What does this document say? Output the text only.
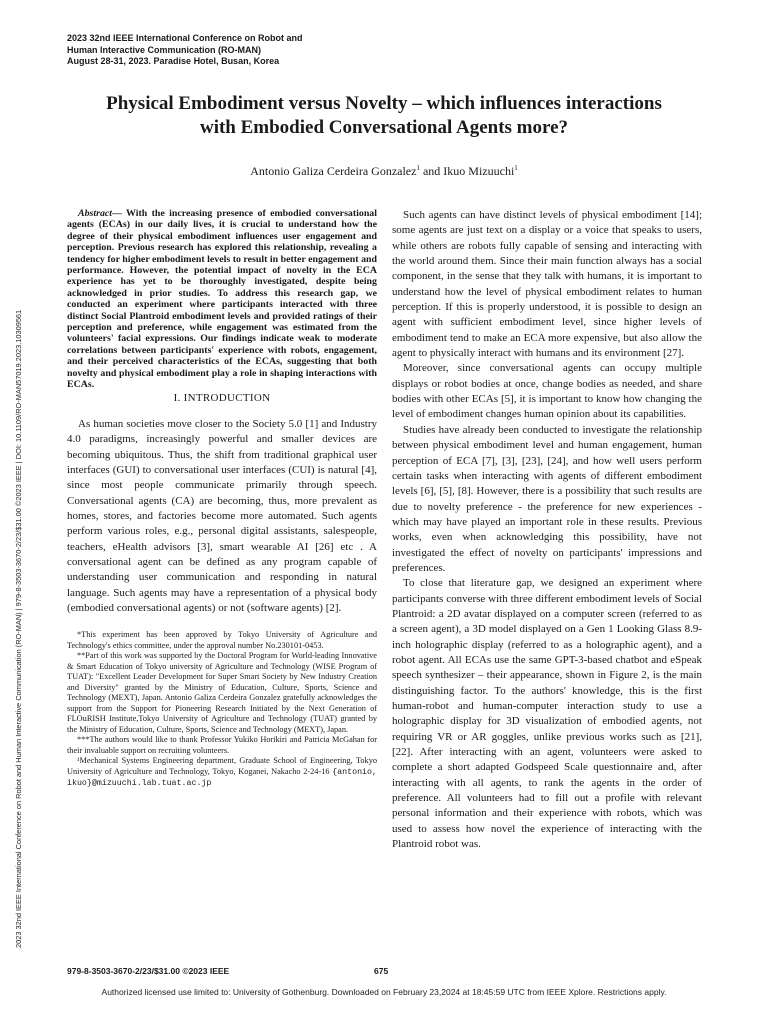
2023 32nd IEEE International Conference on Robot and
Human Interactive Communication (RO-MAN)
August 28-31, 2023. Paradise Hotel, Busan, Korea
2023 32nd IEEE International Conference on Robot and Human Interactive Communication (RO-MAN) | 979-8-3503-3670-2/23/$31.00 ©2023 IEEE | DOI: 10.1109/RO-MAN57019.2023.10309561
Physical Embodiment versus Novelty – which influences interactions
with Embodied Conversational Agents more?
Antonio Galiza Cerdeira Gonzalez$^1$ and Ikuo Mizuuchi$^1$

Abstract— With the increasing presence of embodied conversational agents (ECAs) in our daily lives, it is crucial to understand how the degree of their physical embodiment influences user engagement and perception. Previous research has explored this relationship, revealing a tendency for higher embodiment levels to result in better engagement and performance. However, the potential impact of novelty in the ECA experience has yet to be thoroughly investigated, despite being acknowledged in prior studies. To address this research gap, we conducted an experiment where participants interacted with three distinct Social Plantroid embodiment levels and provided ratings of their perception and preference, while engagement was estimated from the volunteers' facial expressions. Our findings indicate weak to moderate correlations between participants' experience with robots, engagement, and their perceived characteristics of the ECAs, suggesting that both novelty and physical embodiment play a role in shaping interactions with ECAs.

I. INTRODUCTION

As human societies move closer to the Society 5.0 [1] and Industry 4.0 paradigms, increasingly powerful and smaller devices are becoming ubiquitous. Thus, the shift from traditional graphical user interfaces (GUI) to conversational user interfaces (CUI) is natural [4], since most people communicate primarily through speech. Conversational agents (CA) are becoming, thus, more prevalent as homes, stores, and factories become more automated. Such agents perform various roles, e.g., personal digital assistants, salespeople, teachers, eHealth advisors [3], smart wearable AI [26] etc . A conversational agent can be defined as any program capable of understanding user communication and responding in natural language. Such agents may have a representation of a physical body (embodied conversational agents) or not (software agents) [2].

*This experiment has been approved by Tokyo University of Agriculture and Technology's ethics committee, under the approval number No.230101-0453.

**Part of this work was supported by the Doctoral Program for World-leading Innovative & Smart Education of Tokyo university of Agriculture and Technology (WISE Program of TUAT): "Excellent Leader Development for Super Smart Society by New Industry Creation and Diversity" granted by the Ministry of Education, Culture, Sports, Science and Technology (MEXT), Japan. Antonio Galiza Cerdeira Gonzalez gratefully acknowledges the support from the Support for Pioneering Research Initiated by the Next Generation of FLOuRISH Institute,Tokyo University of Agriculture and Technology (TUAT) granted by the Ministry of Education, Culture, Sports, Science and Technology (MEXT), Japan.

***The authors would like to thank Professor Yukiko Horikiri and Patricia McGahan for their invaluable support on recruiting volunteers.

¹Mechanical Systems Engineering department, Graduate School of Engineering, Tokyo University of Agriculture and Technology, Tokyo, Koganei, Nakacho 2-24-16 {antonio, ikuo}@mizuuchi.lab.tuat.ac.jp

Such agents can have distinct levels of physical embodiment [14]; some agents are just text on a display or a voice that speaks to users, while others are robots fully capable of sensing and interacting with the world around them. Since their main function always has a social component, in the sense that they talk with humans, it is important to understand how the level of physical embodiment relates to human perception. If this is properly understood, it is possible to design an agent with sufficient embodiment level, since higher levels of embodiment tend to make an ECA more expensive, but also allow the agent to physically interact with humans and its environment [27].

Moreover, since conversational agents can occupy multiple displays or robot bodies at once, change bodies as needed, and share bodies with other ECAs [5], it is important to know how changing the level of embodiment changes human opinion about its capabilities.

Studies have already been conducted to investigate the relationship between physical embodiment level and human engagement, human perception of ECA [7], [3], [23], [24], and how well users perform certain tasks when interacting with agents of different embodiment levels [6], [5], [8]. However, there is a possibility that such results are due to novelty preference - the preference for new experiences - which may have played an important role in these results. Previous works, even when acknowledging this possibility, have not investigated the effect of novelty on participants' impressions and preferences.

To close that literature gap, we designed an experiment where participants converse with three different embodiment levels of Social Plantroid: a 2D avatar displayed on a computer screen (referred to as a screen agent), a 3D model displayed on a Gen 1 Looking Glass 8.9-inch holographic display (referred to as a holographic agent), and a robot agent. All ECAs use the same GPT-3-based chatbot and eSpeak speech synthesizer – their appearance, shown in Figure 2, is the main distinguishing factor. To the authors' knowledge, this is the first human-robot and human-computer interaction study to use a holographic display for 3D visualization of embodied agents, not requiring VR or AR goggles, unlike previous works such as [21], [22]. After interacting with an agent, volunteers were asked to complete a short adapted Godspeed Scale questionnaire and, after interacting with all agents, to rank the agents in the order of preference. All volunteers had to fill out a profile with relevant personal information and their experience with robots, which was used to assess how novel the experience of interacting with the Plantroid robot was.

979-8-3503-3670-2/23/$31.00 ©2023 IEEE	675
Authorized licensed use limited to: University of Gothenburg. Downloaded on February 23,2024 at 18:45:59 UTC from IEEE Xplore. Restrictions apply.
